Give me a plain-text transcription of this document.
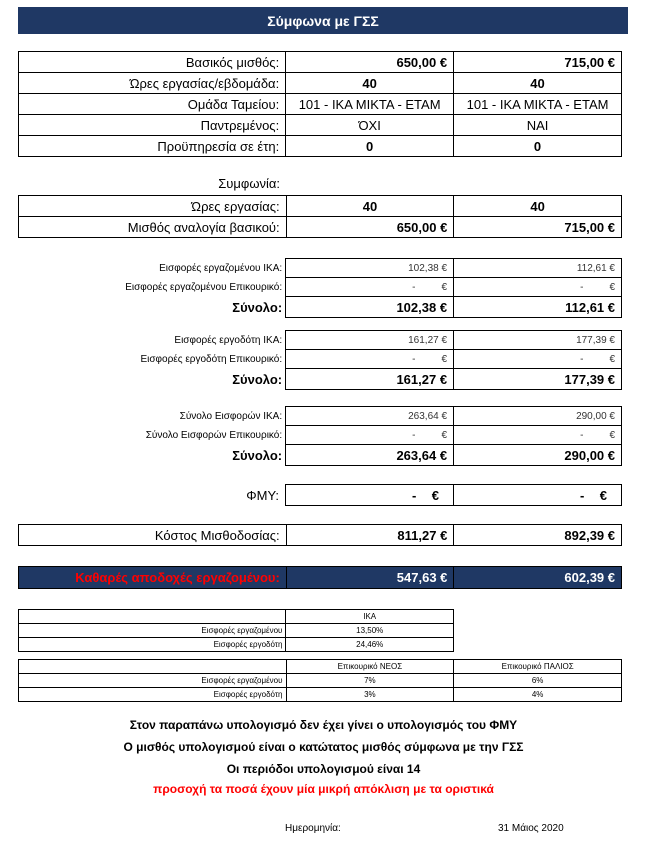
Σύμφωνα με ΓΣΣ
Βασικός μισθός:	650,00 €	715,00 €
Ώρες εργασίας/εβδομάδα:	40	40
Ομάδα Ταμείου:	101 - ΙΚΑ ΜΙΚΤΑ - ΕΤΑΜ	101 - ΙΚΑ ΜΙΚΤΑ - ΕΤΑΜ
Παντρεμένος:	ΌΧΙ	ΝΑΙ
Προϋπηρεσία σε έτη:	0	0
Συμφωνία:
Ώρες εργασίας:	40	40
Μισθός αναλογία βασικού:	650,00 €	715,00 €
Εισφορές εργαζομένου ΙΚΑ:	102,38 €	112,61 €
Εισφορές εργαζομένου Επικουρικό:	- €	- €

Σύνολο:	102,38 €	112,61 €
Εισφορές εργοδότη ΙΚΑ:	161,27 €	177,39 €
Εισφορές εργοδότη Επικουρικό:	- €	- €

Σύνολο:	161,27 €	177,39 €
Σύνολο Εισφορών ΙΚΑ:	263,64 €	290,00 €
Σύνολο Εισφορών Επικουρικό:	- €	- €

Σύνολο:	263,64 €	290,00 €
ΦΜΥ:	- €	- €
Κόστος Μισθοδοσίας:	811,27 €	892,39 €
Καθαρές αποδοχές εργαζομένου:	547,63 €	602,39 €
	ΙΚΑ
Εισφορές εργαζομένου	13,50%
Εισφορές εργοδότη	24,46%
	Επικουρικό ΝΕΟΣ	Επικουρικό ΠΑΛΙΟΣ
Εισφορές εργαζομένου	7%	6%
Εισφορές εργοδότη	3%	4%
Στον παραπάνω υπολογισμό δεν έχει γίνει ο υπολογισμός του ΦΜΥ
Ο μισθός υπολογισμού είναι ο κατώτατος μισθός σύμφωνα με την ΓΣΣ
Οι περιόδοι υπολογισμού είναι 14
προσοχή τα ποσά έχουν μία μικρή απόκλιση με τα οριστικά
Ημερομηνία:	31 Μάιος 2020
